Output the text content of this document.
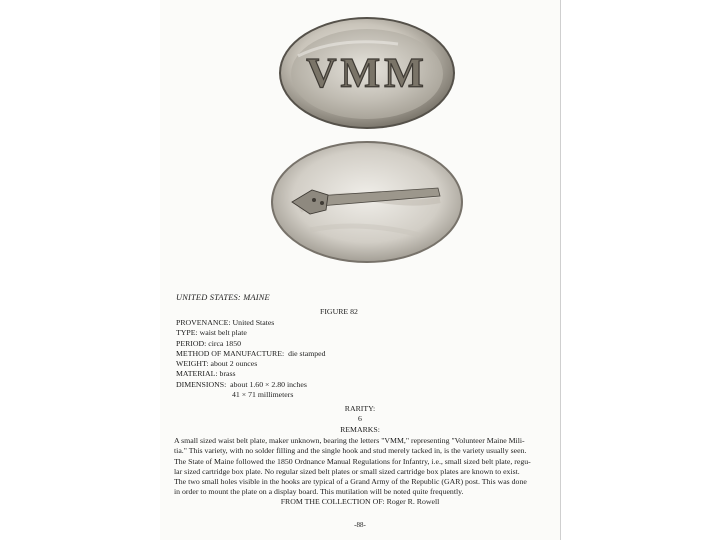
VMM
UNITED STATES: MAINE
FIGURE 82
PROVENANCE: United States
TYPE: waist belt plate
PERIOD: circa 1850
METHOD OF MANUFACTURE:  die stamped
WEIGHT: about 2 ounces
MATERIAL: brass
DIMENSIONS:  about 1.60 × 2.80 inches
41 × 71 millimeters
RARITY:
6
REMARKS:
A small sized waist belt plate, maker unknown, bearing the letters "VMM," representing "Volunteer Maine Mili-
tia." This variety, with no solder filling and the single hook and stud merely tacked in, is the variety usually seen.
The State of Maine followed the 1850 Ordnance Manual Regulations for Infantry, i.e., small sized belt plate, regu-
lar sized cartridge box plate. No regular sized belt plates or small sized cartridge box plates are known to exist.
The two small holes visible in the hooks are typical of a Grand Army of the Republic (GAR) post. This was done
in order to mount the plate on a display board. This mutilation will be noted quite frequently.
FROM THE COLLECTION OF: Roger R. Rowell
-88-
